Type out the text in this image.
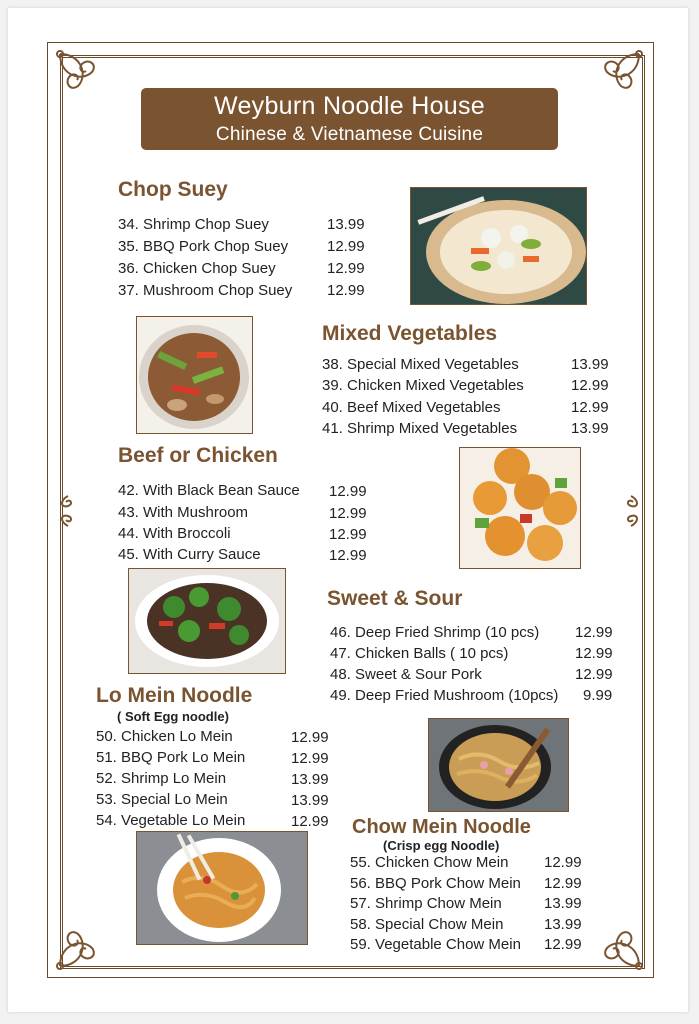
Weyburn Noodle House
Chinese & Vietnamese Cuisine
Chop Suey
34. Shrimp Chop Suey	13.99
35. BBQ Pork Chop Suey	12.99
36. Chicken Chop Suey	12.99
37. Mushroom Chop Suey 12.99
Mixed Vegetables
38. Special Mixed Vegetables	13.99
39. Chicken Mixed Vegetables	12.99
40. Beef Mixed Vegetables	12.99
41. Shrimp Mixed Vegetables	13.99
Beef or Chicken
42. With Black Bean Sauce 12.99
43. With Mushroom	12.99
44. With Broccoli	12.99
45. With Curry Sauce	12.99
Sweet & Sour
46. Deep Fried Shrimp (10 pcs) 12.99
47. Chicken Balls ( 10 pcs)	12.99
48. Sweet & Sour Pork	12.99
49. Deep Fried Mushroom (10pcs) 9.99
Lo Mein Noodle
( Soft Egg noodle)
50. Chicken Lo Mein	12.99
51. BBQ Pork Lo Mein	12.99
52. Shrimp Lo Mein	13.99
53. Special Lo Mein	13.99
54. Vegetable Lo Mein	12.99 Chow Mein Noodle
(Crisp egg Noodle)
55. Chicken Chow Mein 12.99
56. BBQ Pork Chow Mein 12.99
57. Shrimp Chow Mein	13.99
58. Special Chow Mein	13.99
59. Vegetable Chow Mein 12.99
